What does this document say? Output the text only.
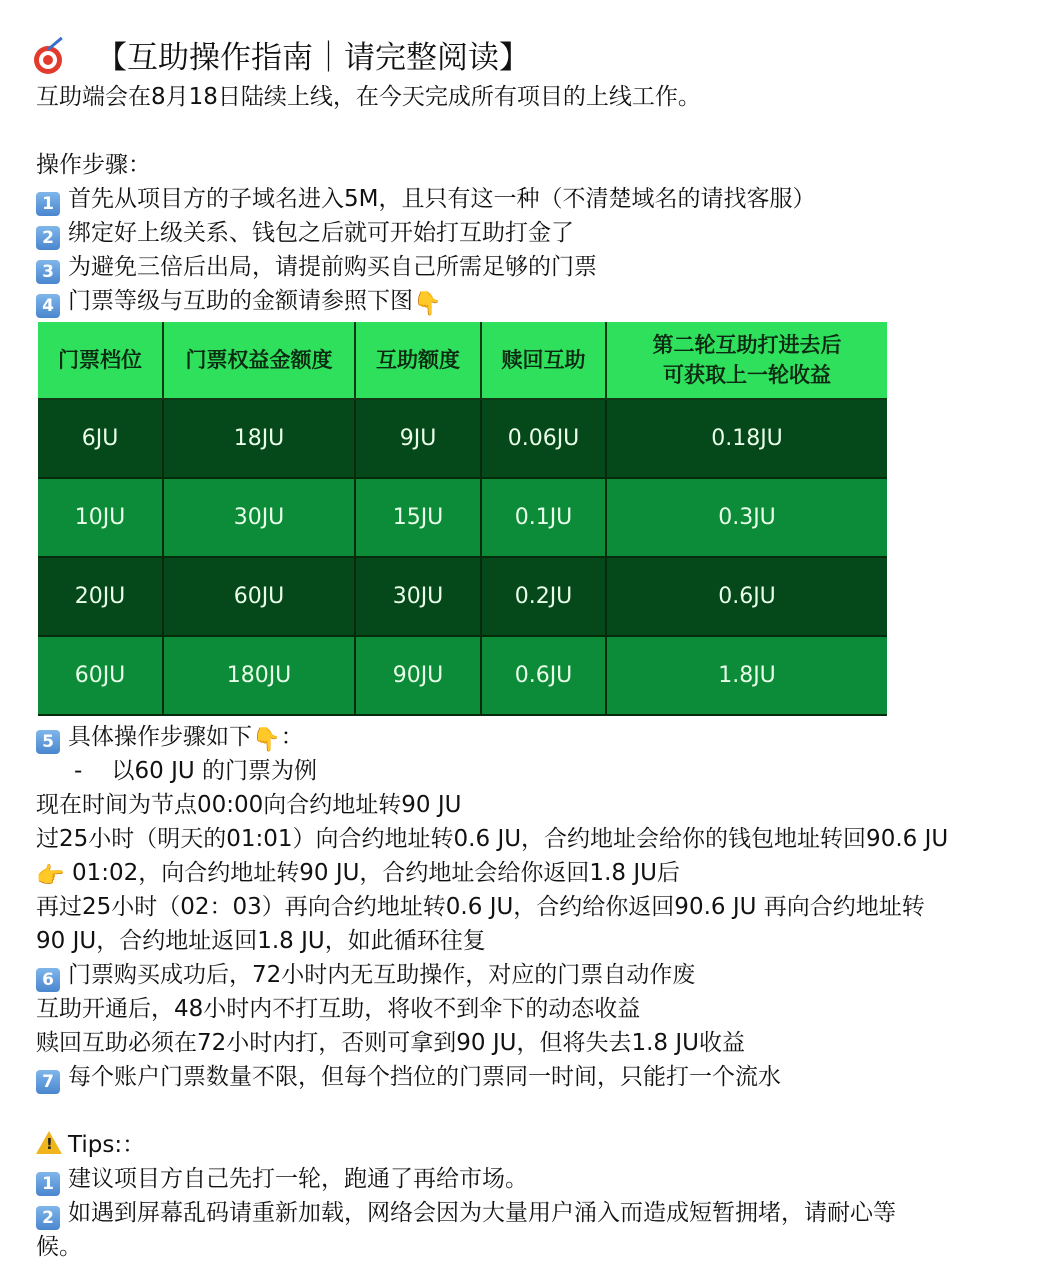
【互助操作指南｜请完整阅读】
互助端会在8月18日陆续上线，在今天完成所有项目的上线工作。
操作步骤：
1 首先从项目方的子域名进入5M，且只有这一种（不清楚域名的请找客服）
2 绑定好上级关系、钱包之后就可开始打互助打金了
3 为避免三倍后出局，请提前购买自己所需足够的门票
4 门票等级与互助的金额请参照下图👇
门票档位	门票权益金额度	互助额度	赎回互助	第二轮互助打进去后
可获取上一轮收益
6JU	18JU	9JU	0.06JU	0.18JU
10JU	30JU	15JU	0.1JU	0.3JU
20JU	60JU	30JU	0.2JU	0.6JU
60JU	180JU	90JU	0.6JU	1.8JU
5 具体操作步骤如下👇：
-    以60 JU 的门票为例
现在时间为节点00:00向合约地址转90 JU
过25小时（明天的01:01）向合约地址转0.6 JU，合约地址会给你的钱包地址转回90.6 JU
👉 01:02，向合约地址转90 JU，合约地址会给你返回1.8 JU后
再过25小时（02：03）再向合约地址转0.6 JU，合约给你返回90.6 JU 再向合约地址转
90 JU，合约地址返回1.8 JU，如此循环往复
6 门票购买成功后，72小时内无互助操作，对应的门票自动作废
互助开通后，48小时内不打互助，将收不到伞下的动态收益
赎回互助必须在72小时内打，否则可拿到90 JU，但将失去1.8 JU收益
7 每个账户门票数量不限，但每个挡位的门票同一时间，只能打一个流水
! Tips:：
1 建议项目方自己先打一轮，跑通了再给市场。
2 如遇到屏幕乱码请重新加载，网络会因为大量用户涌入而造成短暂拥堵，请耐心等
候。
